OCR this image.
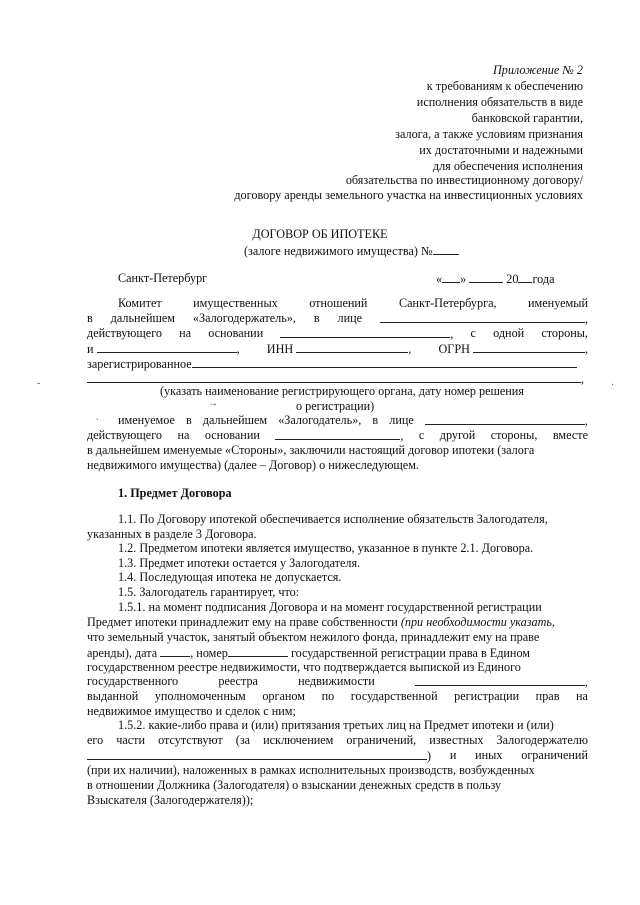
Приложение № 2
к требованиям к обеспечению
исполнения обязательств в виде
банковской гарантии,
залога, а также условиям признания
их достаточными и надежными
для обеспечения исполнения
обязательства по инвестиционному договору/
договору аренды земельного участка на инвестиционных условиях
ДОГОВОР ОБ ИПОТЕКЕ
(залоге недвижимого имущества) №
Санкт-Петербург	« »	20 года
Комитет	имущественных	отношений	Санкт-Петербурга,	именуемый
в дальнейшем «Залогодержатель», в лице	,
действующего на основании	, с одной стороны,
и	, ИНН	, ОГРН	,
зарегистрированное
,
(указать наименование регистрирующего органа, дату номер решения
о регистрации)
именуемое в дальнейшем «Залогодатель», в лице	,
действующего на основании	, с другой стороны, вместе
в дальнейшем именуемые «Стороны», заключили настоящий договор ипотеки (залога
недвижимого имущества) (далее – Договор) о нижеследующем.
1. Предмет Договора
1.1. По Договору ипотекой обеспечивается исполнение обязательств Залогодателя,
указанных в разделе 3 Договора.
1.2. Предметом ипотеки является имущество, указанное в пункте 2.1. Договора.
1.3. Предмет ипотеки остается у Залогодателя.
1.4. Последующая ипотека не допускается.
1.5. Залогодатель гарантирует, что:
1.5.1. на момент подписания Договора и на момент государственной регистрации
Предмет ипотеки принадлежит ему на праве собственности (при необходимости указать,
что земельный участок, занятый объектом нежилого фонда, принадлежит ему на праве
аренды), дата	, номер	государственной регистрации права в Едином
государственном реестре недвижимости, что подтверждается выпиской из Единого
государственного	реестра	недвижимости	,
выданной уполномоченным органом по государственной регистрации прав на
недвижимое имущество и сделок с ним;
1.5.2. какие-либо права и (или) притязания третьих лиц на Предмет ипотеки и (или)
его части отсутствуют (за исключением ограничений, известных Залогодержателю
) и иных ограничений
(при их наличии), наложенных в рамках исполнительных производств, возбужденных
в отношении Должника (Залогодателя) о взыскании денежных средств в пользу
Взыскателя (Залогодержателя));
→
-
.
·
